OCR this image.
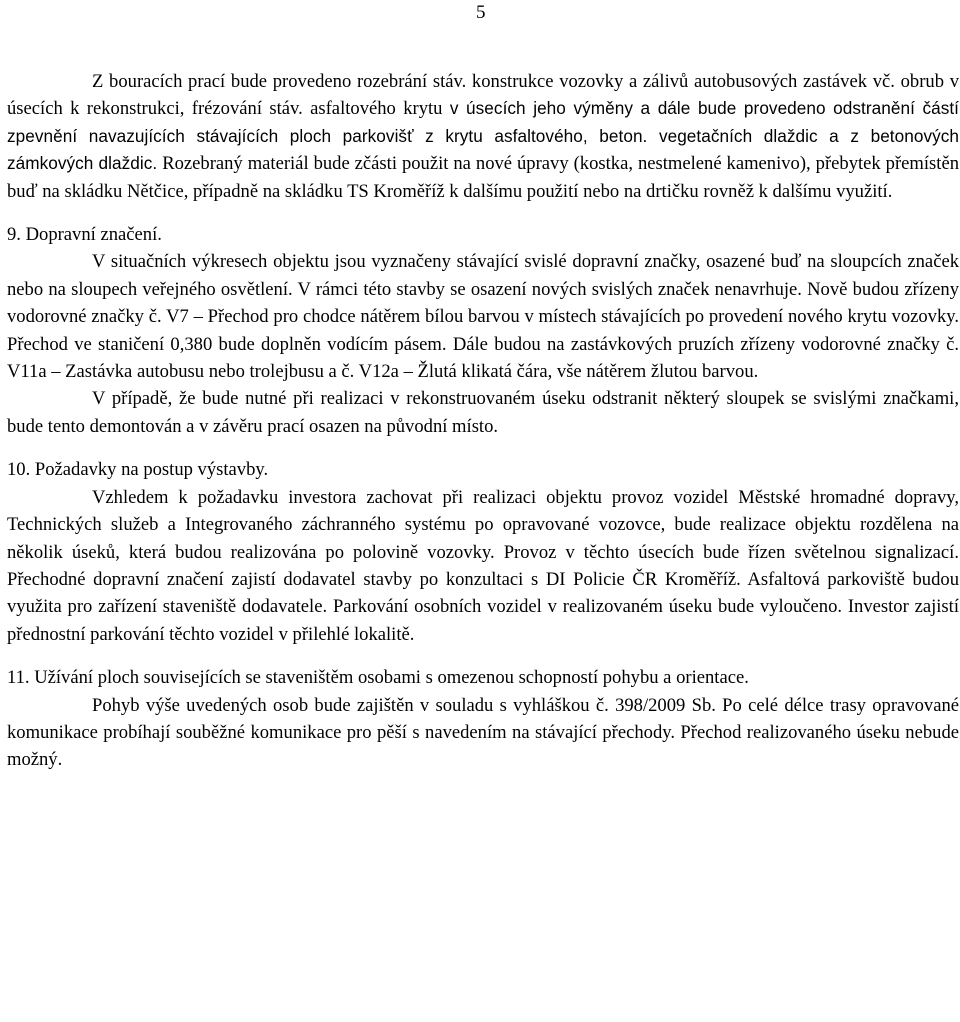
5

Z bouracích prací bude provedeno rozebrání stáv. konstrukce vozovky a zálivů autobusových zastávek vč. obrub v úsecích k rekonstrukci, frézování stáv. asfaltového krytu v úsecích jeho výměny a dále bude provedeno odstranění částí zpevnění navazujících stávajících ploch parkovišť z krytu asfaltového, beton. vegetačních dlaždic a z betonových zámkových dlaždic. Rozebraný materiál bude zčásti použit na nové úpravy (kostka, nestmelené kamenivo), přebytek přemístěn buď na skládku Nětčice, případně na skládku TS Kroměříž k dalšímu použití nebo na drtičku rovněž k dalšímu využití.

9. Dopravní značení.

V situačních výkresech objektu jsou vyznačeny stávající svislé dopravní značky, osazené buď na sloupcích značek nebo na sloupech veřejného osvětlení. V rámci této stavby se osazení nových svislých značek nenavrhuje. Nově budou zřízeny vodorovné značky č. V7 – Přechod pro chodce nátěrem bílou barvou v místech stávajících po provedení nového krytu vozovky. Přechod ve staničení 0,380 bude doplněn vodícím pásem. Dále budou na zastávkových pruzích zřízeny vodorovné značky č. V11a – Zastávka autobusu nebo trolejbusu a č. V12a – Žlutá klikatá čára, vše nátěrem žlutou barvou.

V případě, že bude nutné při realizaci v rekonstruovaném úseku odstranit některý sloupek se svislými značkami, bude tento demontován a v závěru prací osazen na původní místo.

10. Požadavky na postup výstavby.

Vzhledem k požadavku investora zachovat při realizaci objektu provoz vozidel Městské hromadné dopravy, Technických služeb a Integrovaného záchranného systému po opravované vozovce, bude realizace objektu rozdělena na několik úseků, která budou realizována po polovině vozovky. Provoz v těchto úsecích bude řízen světelnou signalizací. Přechodné dopravní značení zajistí dodavatel stavby po konzultaci s DI Policie ČR Kroměříž. Asfaltová parkoviště budou využita pro zařízení staveniště dodavatele. Parkování osobních vozidel v realizovaném úseku bude vyloučeno. Investor zajistí přednostní parkování těchto vozidel v přilehlé lokalitě.

11. Užívání ploch souvisejících se staveništěm osobami s omezenou schopností pohybu a orientace.

Pohyb výše uvedených osob bude zajištěn v souladu s vyhláškou č. 398/2009 Sb. Po celé délce trasy opravované komunikace probíhají souběžné komunikace pro pěší s navedením na stávající přechody. Přechod realizovaného úseku nebude možný.
